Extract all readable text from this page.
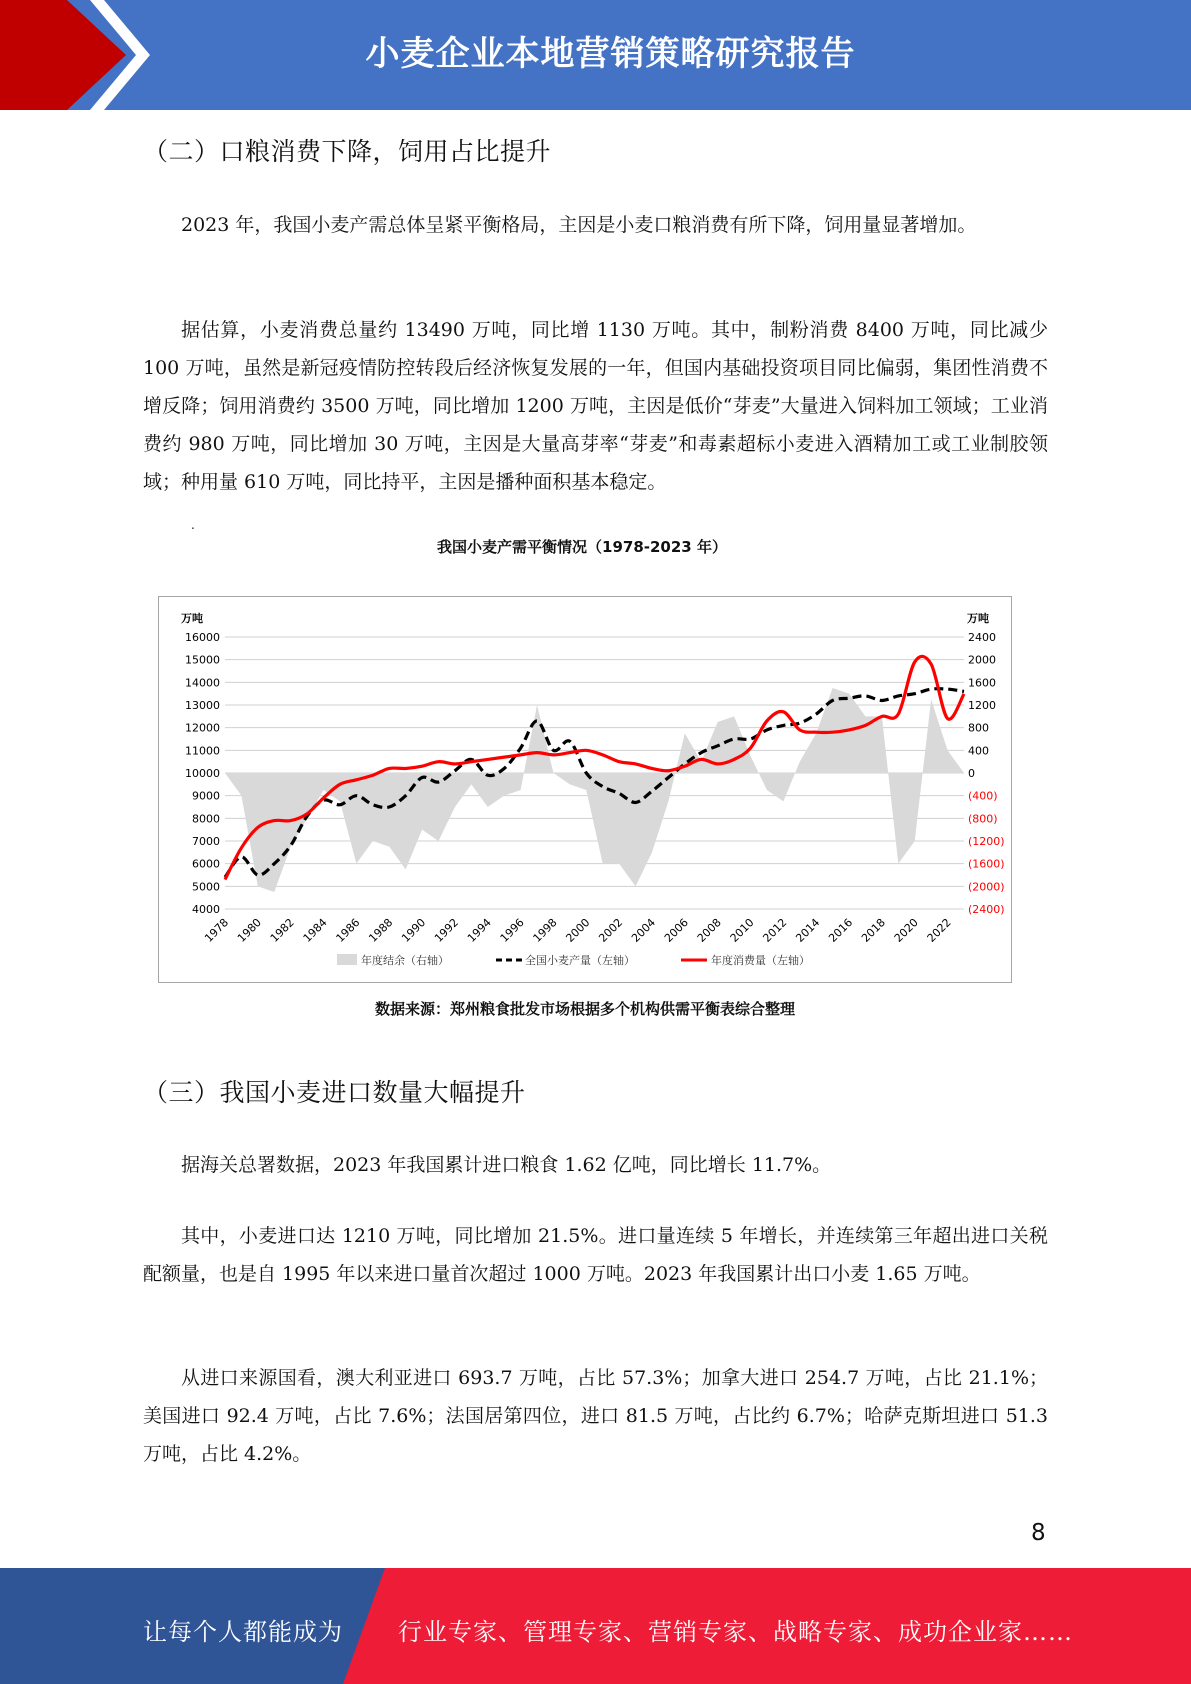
小麦企业本地营销策略研究报告
（二）口粮消费下降，饲用占比提升

2023 年，我国小麦产需总体呈紧平衡格局，主因是小麦口粮消费有所下降，饲用量显著增加。

据估算，小麦消费总量约 13490 万吨，同比增 1130 万吨。其中，制粉消费 8400 万吨，同比减少 100 万吨，虽然是新冠疫情防控转段后经济恢复发展的一年，但国内基础投资项目同比偏弱，集团性消费不增反降；饲用消费约 3500 万吨，同比增加 1200 万吨，主因是低价“芽麦”大量进入饲料加工领域；工业消费约 980 万吨，同比增加 30 万吨，主因是大量高芽率“芽麦”和毒素超标小麦进入酒精加工或工业制胶领域；种用量 610 万吨，同比持平，主因是播种面积基本稳定。

.
我国小麦产需平衡情况（1978-2023 年）
4000
5000
6000
7000
8000
9000
10000
11000
12000
13000
14000
15000
16000
(2400)
(2000)
(1600)
(1200)
(800)
(400)
0
400
800
1200
1600
2000
2400
万吨	万吨
1978 1980 1982 1984 1986 1988 1990 1992 1994 1996 1998 2000 2002 2004 2006 2008 2010 2012 2014 2016 2018 2020 2022
年度结余（右轴）	全国小麦产量（左轴）	年度消费量（左轴）
数据来源：郑州粮食批发市场根据多个机构供需平衡表综合整理
（三）我国小麦进口数量大幅提升

据海关总署数据，2023 年我国累计进口粮食 1.62 亿吨，同比增长 11.7%。

其中，小麦进口达 1210 万吨，同比增加 21.5%。进口量连续 5 年增长，并连续第三年超出进口关税配额量，也是自 1995 年以来进口量首次超过 1000 万吨。2023 年我国累计出口小麦 1.65 万吨。

从进口来源国看，澳大利亚进口 693.7 万吨，占比 57.3%；加拿大进口 254.7 万吨，占比 21.1%；美国进口 92.4 万吨，占比 7.6%；法国居第四位，进口 81.5 万吨，占比约 6.7%；哈萨克斯坦进口 51.3 万吨，占比 4.2%。

8
让每个人都能成为 行业专家、管理专家、营销专家、战略专家、成功企业家……
